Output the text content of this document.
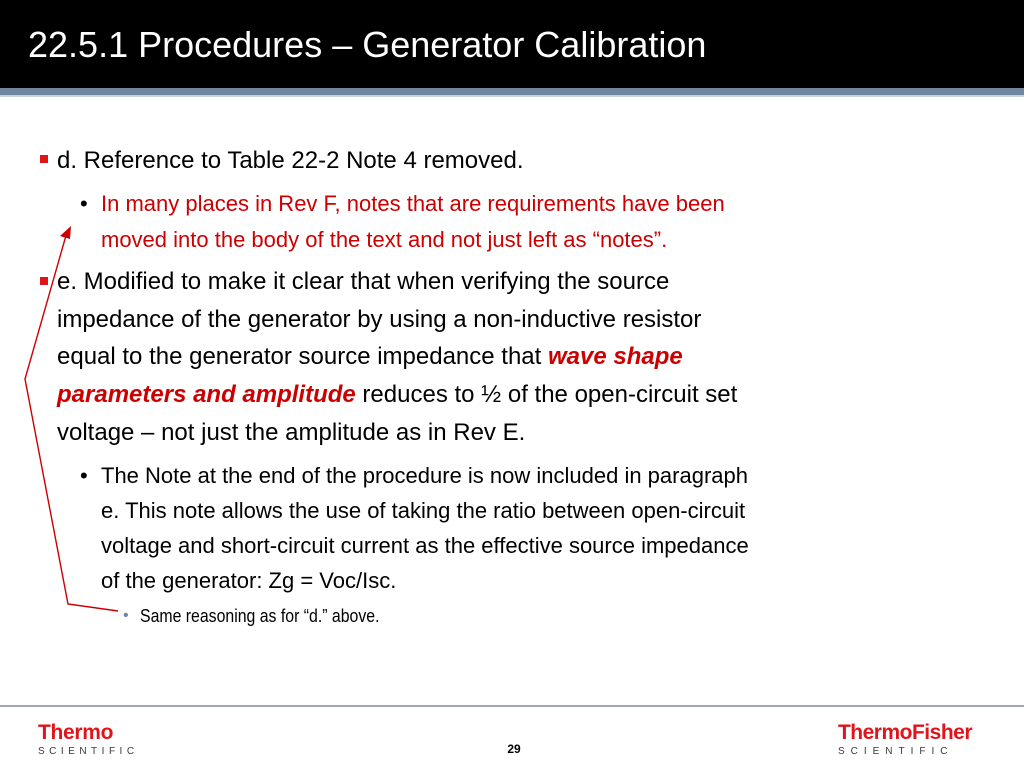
22.5.1 Procedures – Generator Calibration
d. Reference to Table 22-2 Note 4 removed.
• In many places in Rev F, notes that are requirements have been
moved into the body of the text and not just left as “notes”.
e. Modified to make it clear that when verifying the source
impedance of the generator by using a non-inductive resistor
equal to the generator source impedance that wave shape
parameters and amplitude reduces to ½ of the open-circuit set
voltage – not just the amplitude as in Rev E.
• The Note at the end of the procedure is now included in paragraph
e. This note allows the use of taking the ratio between open-circuit
voltage and short-circuit current as the effective source impedance
of the generator: Zg = Voc/Isc.
• Same reasoning as for “d.” above.
Thermo
SCIENTIFIC	29
ThermoFisher
SCIENTIFIC
